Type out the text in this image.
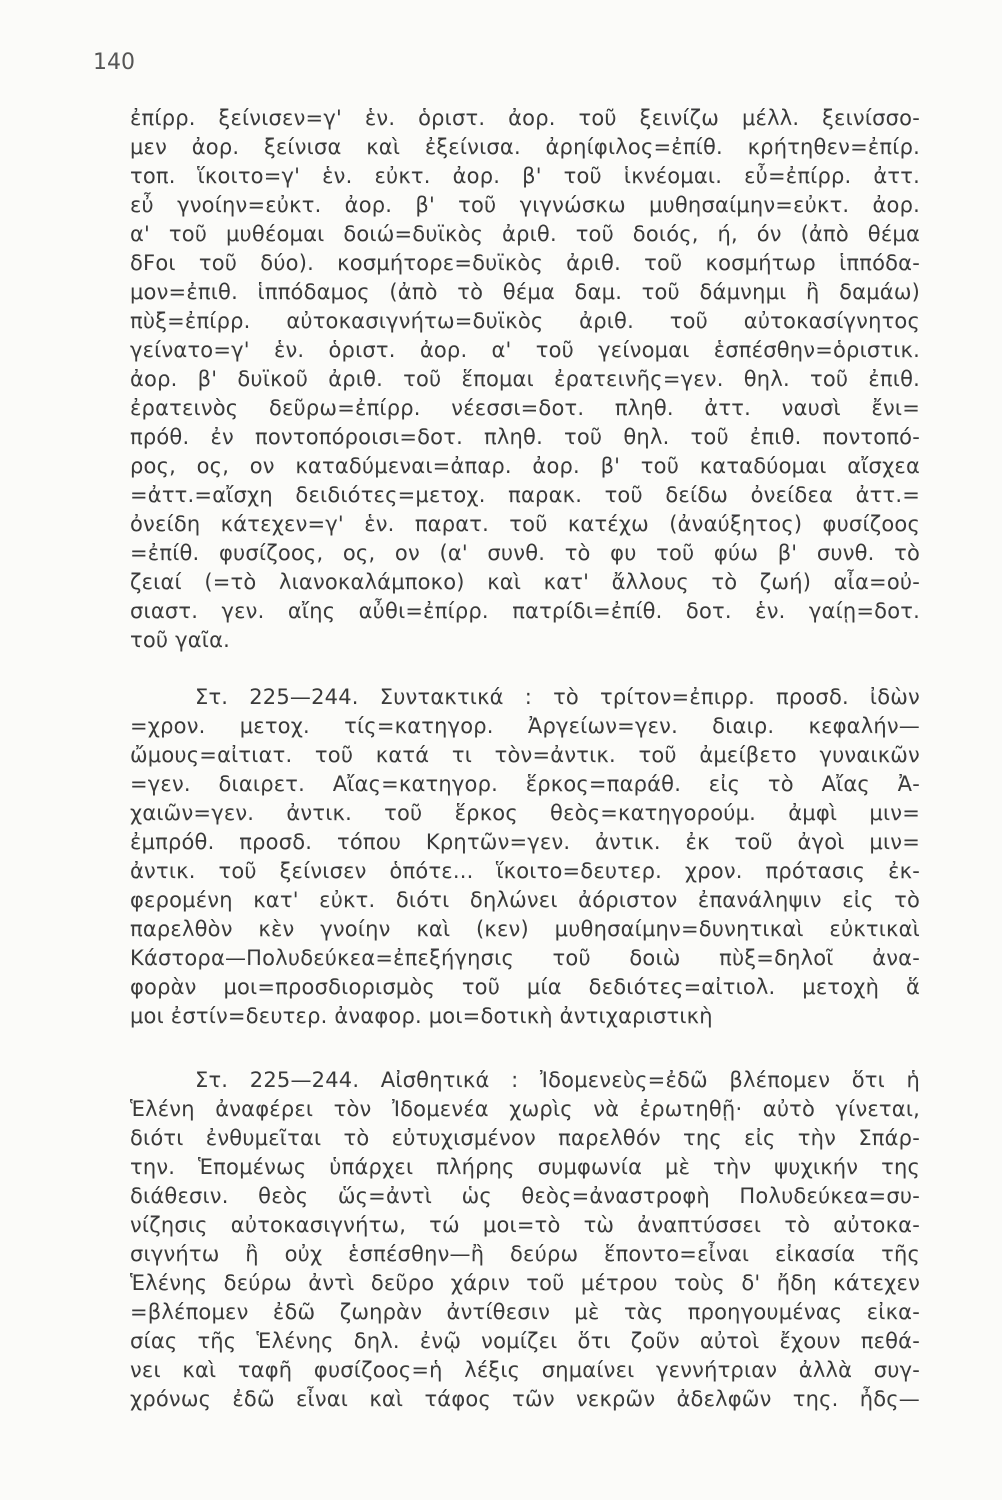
140
ἐπίρρ. ξείνισεν=γ' ἑν. ὁριστ. ἀορ. τοῦ ξεινίζω μέλλ. ξεινίσσο-
μεν ἀορ. ξείνισα καὶ ἐξείνισα. ἀρηίφιλος=ἐπίθ. κρήτηθεν=ἐπίρ.
τοπ. ἵκοιτο=γ' ἑν. εὐκτ. ἀορ. β' τοῦ ἱκνέομαι. εὖ=ἐπίρρ. ἀττ.
εὖ γνοίην=εὐκτ. ἀορ. β' τοῦ γιγνώσκω μυθησαίμην=εὐκτ. ἀορ.
α' τοῦ μυθέομαι δοιώ=δυϊκὸς ἀριθ. τοῦ δοιός, ή, όν (ἀπὸ θέμα
δϜοι τοῦ δύο). κοσμήτορε=δυϊκὸς ἀριθ. τοῦ κοσμήτωρ ἱππόδα-
μον=ἐπιθ. ἱππόδαμος (ἀπὸ τὸ θέμα δαμ. τοῦ δάμνημι ἢ δαμάω)
πὺξ=ἐπίρρ. αὐτοκασιγνήτω=δυϊκὸς ἀριθ. τοῦ αὐτοκασίγνητος
γείνατο=γ' ἑν. ὁριστ. ἀορ. α' τοῦ γείνομαι ἑσπέσθην=ὁριστικ.
ἀορ. β' δυϊκοῦ ἀριθ. τοῦ ἕπομαι ἐρατεινῆς=γεν. θηλ. τοῦ ἐπιθ.
ἐρατεινὸς δεῦρω=ἐπίρρ. νέεσσι=δοτ. πληθ. ἀττ. ναυσὶ ἔνι=
πρόθ. ἐν ποντοπόροισι=δοτ. πληθ. τοῦ θηλ. τοῦ ἐπιθ. ποντοπό-
ρος, ος, ον καταδύμεναι=ἀπαρ. ἀορ. β' τοῦ καταδύομαι αἴσχεα
=ἀττ.=αἴσχη δειδιότες=μετοχ. παρακ. τοῦ δείδω ὀνείδεα ἀττ.=
ὀνείδη κάτεχεν=γ' ἑν. παρατ. τοῦ κατέχω (ἀναύξητος) φυσίζοος
=ἐπίθ. φυσίζοος, ος, ον (α' συνθ. τὸ φυ τοῦ φύω β' συνθ. τὸ
ζειαί (=τὸ λιανοκαλάμποκο) καὶ κατ' ἄλλους τὸ ζωή) αἶα=οὐ-
σιαστ. γεν. αἴης αὖθι=ἐπίρρ. πατρίδι=ἐπίθ. δοτ. ἑν. γαίῃ=δοτ.
τοῦ γαῖα.
Στ. 225—244. Συντακτικά : τὸ τρίτον=ἐπιρρ. προσδ. ἰδὼν
=χρον. μετοχ. τίς=κατηγορ. Ἀργείων=γεν. διαιρ. κεφαλήν—
ὤμους=αἰτιατ. τοῦ κατά τι τὸν=ἀντικ. τοῦ ἀμείβετο γυναικῶν
=γεν. διαιρετ. Αἴας=κατηγορ. ἕρκος=παράθ. εἰς τὸ Αἴας Ἀ-
χαιῶν=γεν. ἀντικ. τοῦ ἕρκος θεὸς=κατηγορούμ. ἀμφὶ μιν=
ἐμπρόθ. προσδ. τόπου Κρητῶν=γεν. ἀντικ. ἐκ τοῦ ἀγοὶ μιν=
ἀντικ. τοῦ ξείνισεν ὁπότε... ἵκοιτο=δευτερ. χρον. πρότασις ἐκ-
φερομένη κατ' εὐκτ. διότι δηλώνει ἀόριστον ἐπανάληψιν εἰς τὸ
παρελθὸν κὲν γνοίην καὶ (κεν) μυθησαίμην=δυνητικαὶ εὐκτικαὶ
Κάστορα—Πολυδεύκεα=ἐπεξήγησις τοῦ δοιὼ πὺξ=δηλοῖ ἀνα-
φορὰν μοι=προσδιορισμὸς τοῦ μία δεδιότες=αἰτιολ. μετοχὴ ἅ
μοι ἐστίν=δευτερ. ἀναφορ. μοι=δοτικὴ ἀντιχαριστικὴ
Στ. 225—244. Αἰσθητικά : Ἰδομενεὺς=ἐδῶ βλέπομεν ὅτι ἡ
Ἑλένη ἀναφέρει τὸν Ἰδομενέα χωρὶς νὰ ἐρωτηθῇ· αὐτὸ γίνεται,
διότι ἐνθυμεῖται τὸ εὐτυχισμένον παρελθόν της εἰς τὴν Σπάρ-
την. Ἑπομένως ὑπάρχει πλήρης συμφωνία μὲ τὴν ψυχικήν της
διάθεσιν. θεὸς ὥς=ἀντὶ ὡς θεὸς=ἀναστροφὴ Πολυδεύκεα=συ-
νίζησις αὐτοκασιγνήτω, τώ μοι=τὸ τὼ ἀναπτύσσει τὸ αὐτοκα-
σιγνήτω ἢ οὐχ ἑσπέσθην—ἢ δεύρω ἕποντο=εἶναι εἰκασία τῆς
Ἑλένης δεύρω ἀντὶ δεῦρο χάριν τοῦ μέτρου τοὺς δ' ἤδη κάτεχεν
=βλέπομεν ἐδῶ ζωηρὰν ἀντίθεσιν μὲ τὰς προηγουμένας εἰκα-
σίας τῆς Ἑλένης δηλ. ἐνῷ νομίζει ὅτι ζοῦν αὐτοὶ ἔχουν πεθά-
νει καὶ ταφῆ φυσίζοος=ἡ λέξις σημαίνει γεννήτριαν ἀλλὰ συγ-
χρόνως ἐδῶ εἶναι καὶ τάφος τῶν νεκρῶν ἀδελφῶν της. ἦδς—
